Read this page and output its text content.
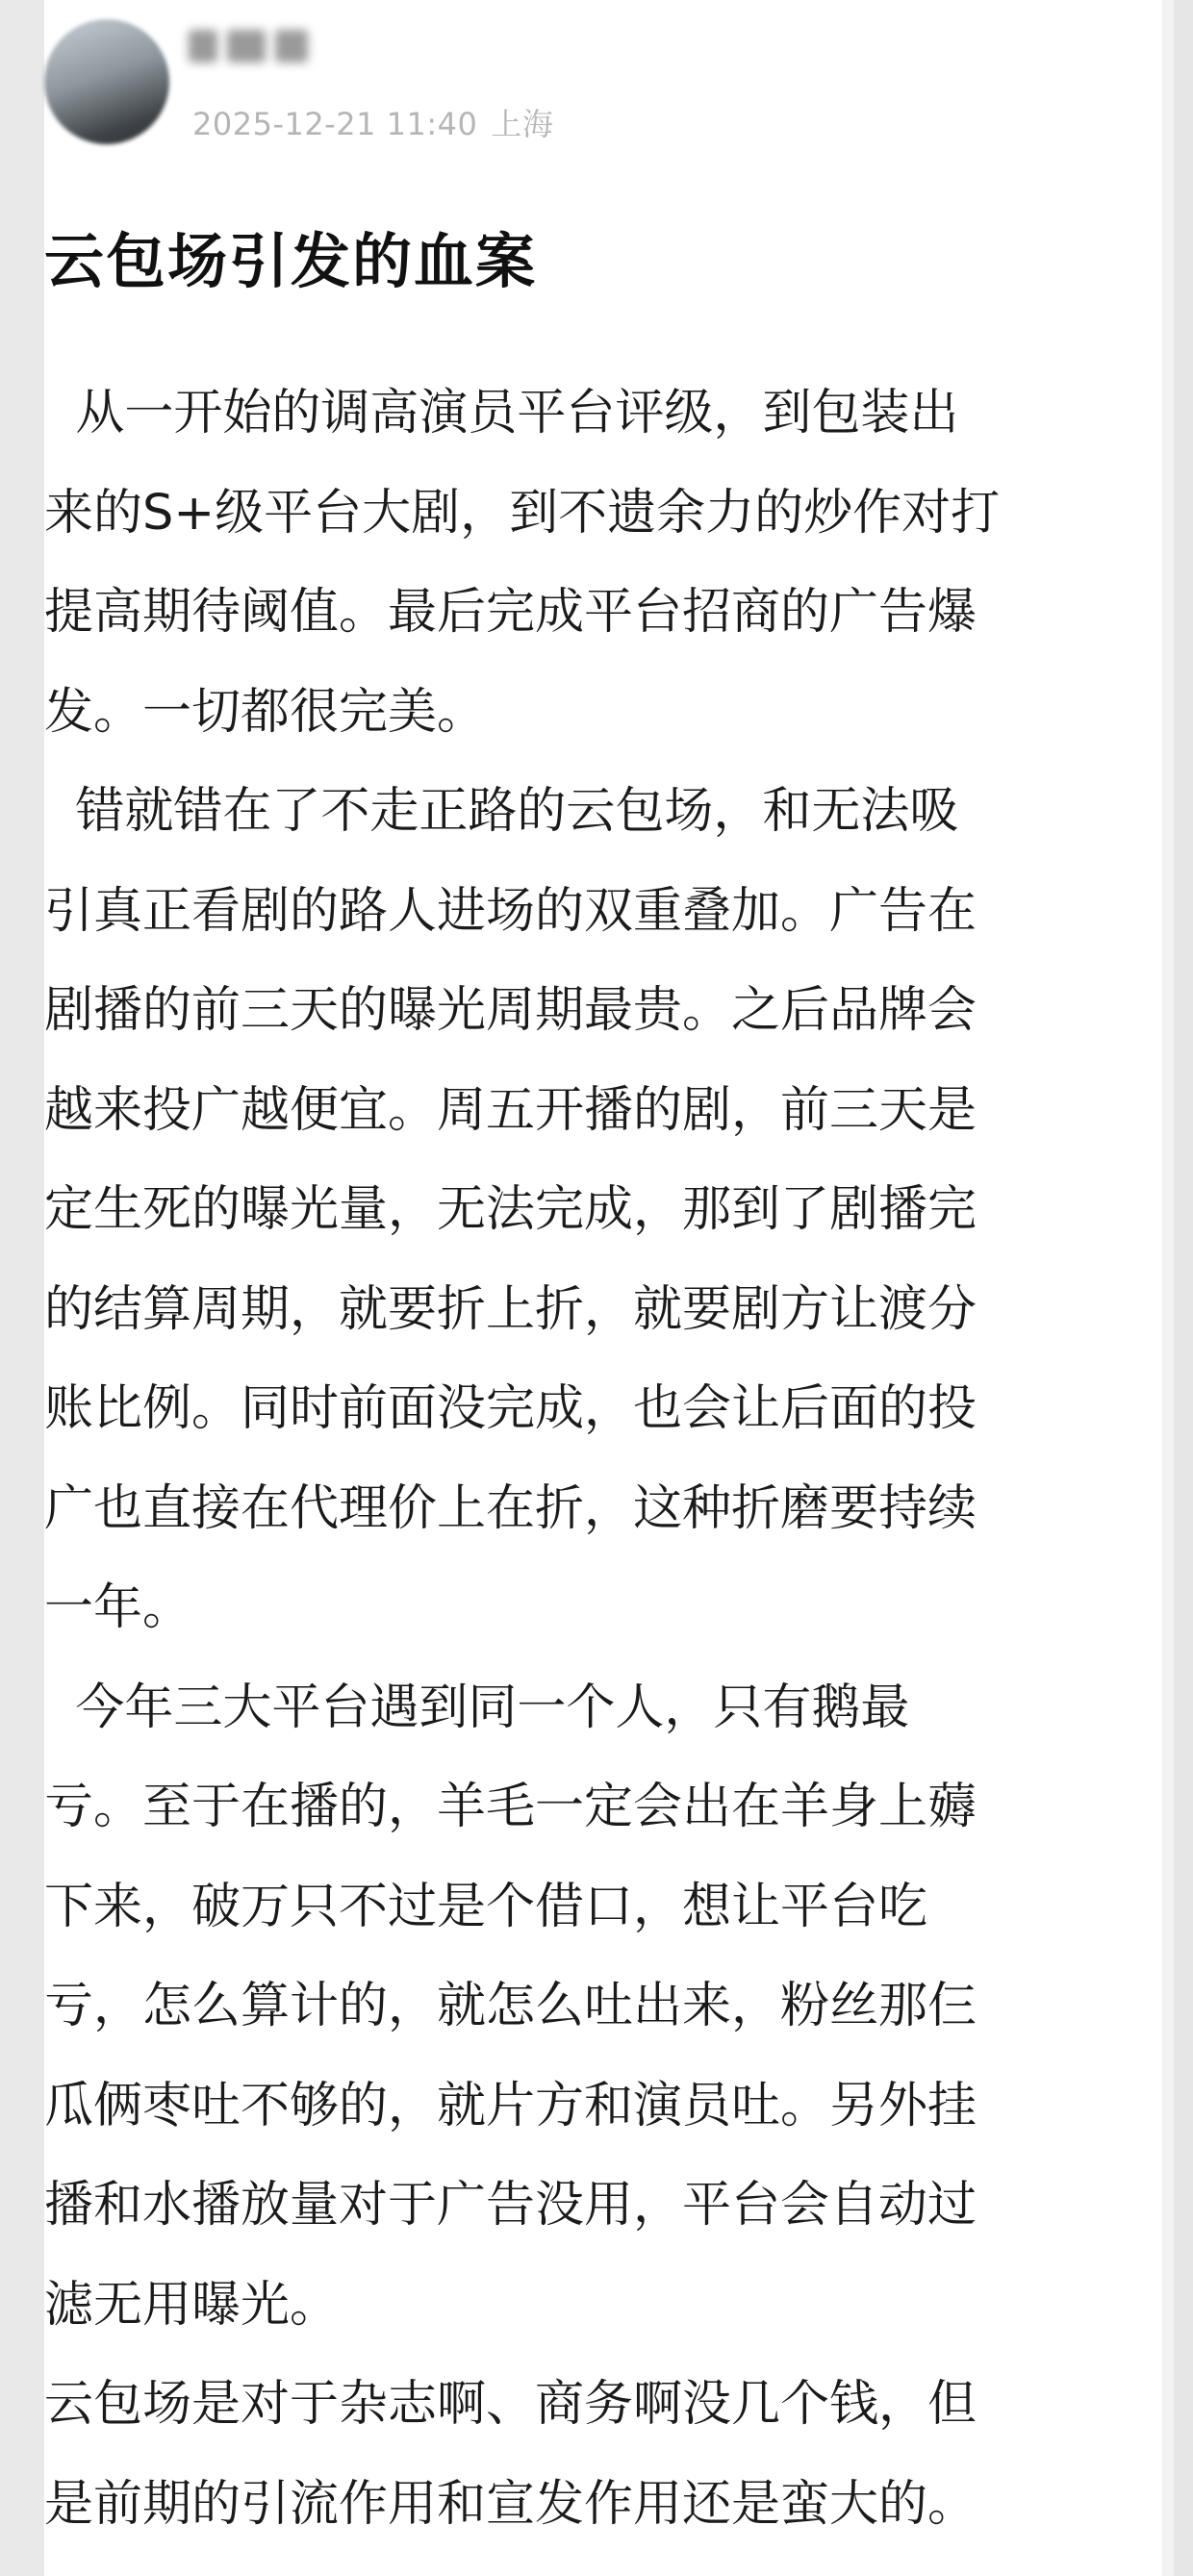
2025-12-21 11:40 上海
云包场引发的血案
从一开始的调高演员平台评级，到包装出
来的S+级平台大剧，到不遗余力的炒作对打
提高期待阈值。最后完成平台招商的广告爆
发。一切都很完美。
错就错在了不走正路的云包场，和无法吸
引真正看剧的路人进场的双重叠加。广告在
剧播的前三天的曝光周期最贵。之后品牌会
越来投广越便宜。周五开播的剧，前三天是
定生死的曝光量，无法完成，那到了剧播完
的结算周期，就要折上折，就要剧方让渡分
账比例。同时前面没完成，也会让后面的投
广也直接在代理价上在折，这种折磨要持续
一年。
今年三大平台遇到同一个人，只有鹅最
亏。至于在播的，羊毛一定会出在羊身上薅
下来，破万只不过是个借口，想让平台吃
亏，怎么算计的，就怎么吐出来，粉丝那仨
瓜俩枣吐不够的，就片方和演员吐。另外挂
播和水播放量对于广告没用，平台会自动过
滤无用曝光。
云包场是对于杂志啊、商务啊没几个钱，但
是前期的引流作用和宣发作用还是蛮大的。
